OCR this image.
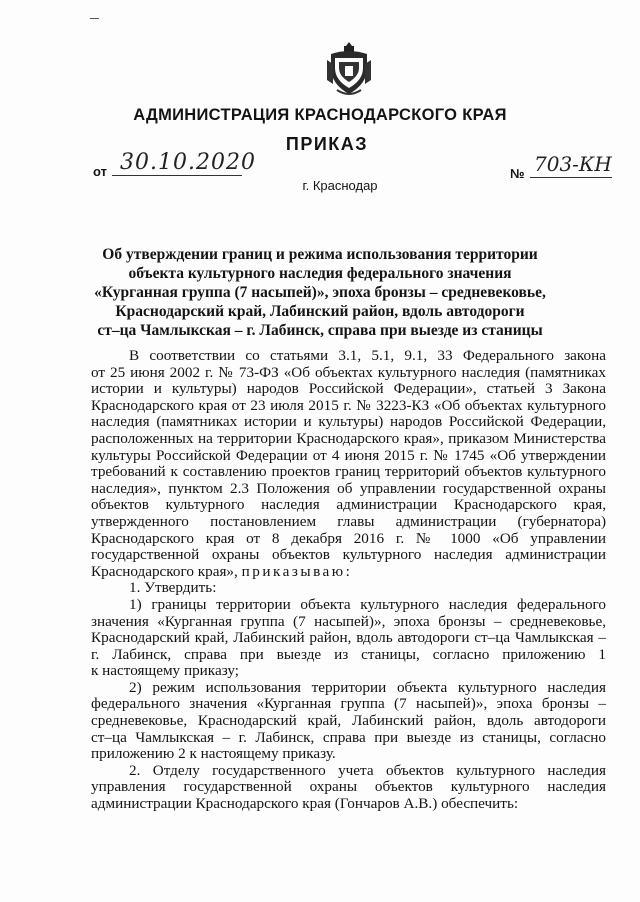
АДМИНИСТРАЦИЯ КРАСНОДАРСКОГО КРАЯ
ПРИКАЗ
от 30.10.2020
г. Краснодар
№ 703-КН
Об утверждении границ и режима использования территории
объекта культурного наследия федерального значения
«Курганная группа (7 насыпей)», эпоха бронзы – средневековье,
Краснодарский край, Лабинский район, вдоль автодороги
ст–ца Чамлыкская – г. Лабинск, справа при выезде из станицы
В соответствии со статьями 3.1, 5.1, 9.1, 33 Федерального закона
от 25 июня 2002 г. № 73-ФЗ «Об объектах культурного наследия (памятниках
истории и культуры) народов Российской Федерации», статьей 3 Закона
Краснодарского края от 23 июля 2015 г. № 3223-КЗ «Об объектах культурного
наследия (памятниках истории и культуры) народов Российской Федерации,
расположенных на территории Краснодарского края», приказом Министерства
культуры Российской Федерации от 4 июня 2015 г. № 1745 «Об утверждении
требований к составлению проектов границ территорий объектов культурного
наследия», пунктом 2.3 Положения об управлении государственной охраны
объектов культурного наследия администрации Краснодарского края,
утвержденного постановлением главы администрации (губернатора)
Краснодарского края от 8 декабря 2016 г. № 1000 «Об управлении
государственной охраны объектов культурного наследия администрации
Краснодарского края», приказываю:
1. Утвердить:
1) границы территории объекта культурного наследия федерального
значения «Курганная группа (7 насыпей)», эпоха бронзы – средневековье,
Краснодарский край, Лабинский район, вдоль автодороги ст–ца Чамлыкская –
г. Лабинск, справа при выезде из станицы, согласно приложению 1
к настоящему приказу;
2) режим использования территории объекта культурного наследия
федерального значения «Курганная группа (7 насыпей)», эпоха бронзы –
средневековье, Краснодарский край, Лабинский район, вдоль автодороги
ст–ца Чамлыкская – г. Лабинск, справа при выезде из станицы, согласно
приложению 2 к настоящему приказу.
2. Отделу государственного учета объектов культурного наследия
управления государственной охраны объектов культурного наследия
администрации Краснодарского края (Гончаров А.В.) обеспечить:
